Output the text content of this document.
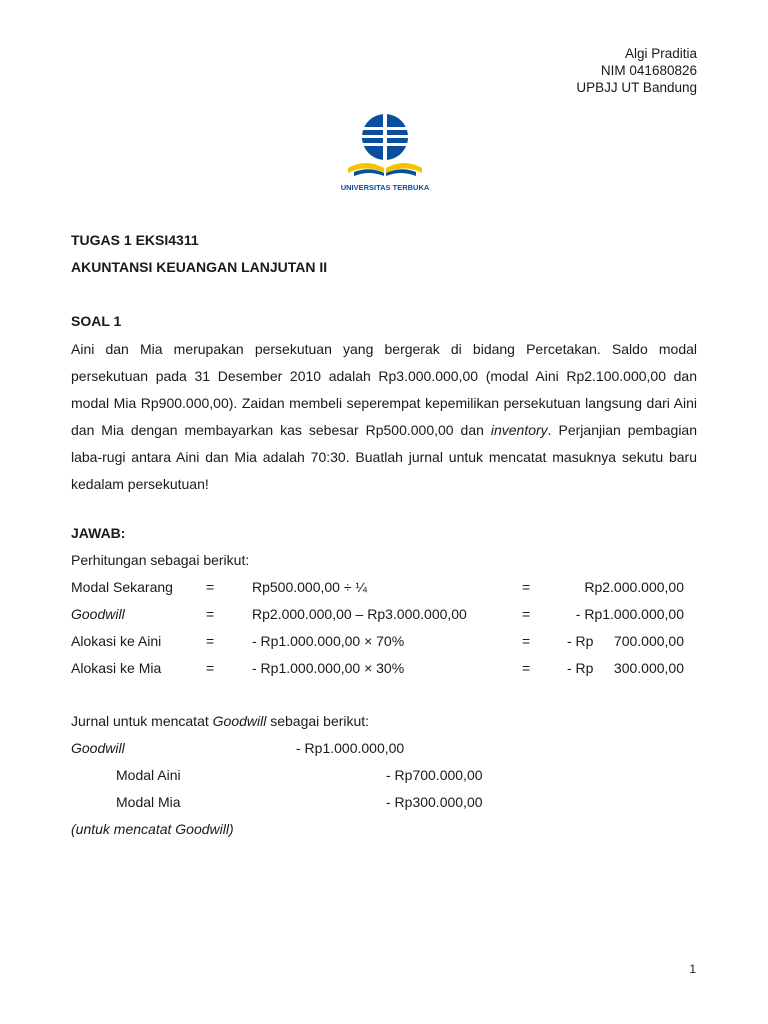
Algi Praditia
NIM 041680826
UPBJJ UT Bandung
UNIVERSITAS TERBUKA
TUGAS 1 EKSI4311
AKUNTANSI KEUANGAN LANJUTAN II
SOAL 1
Aini dan Mia merupakan persekutuan yang bergerak di bidang Percetakan. Saldo modal persekutuan pada 31 Desember 2010 adalah Rp3.000.000,00 (modal Aini Rp2.100.000,00 dan modal Mia Rp900.000,00). Zaidan membeli seperempat kepemilikan persekutuan langsung dari Aini dan Mia dengan membayarkan kas sebesar Rp500.000,00 dan inventory. Perjanjian pembagian laba-rugi antara Aini dan Mia adalah 70:30. Buatlah jurnal untuk mencatat masuknya sekutu baru kedalam persekutuan!
JAWAB:
Perhitungan sebagai berikut:
Modal Sekarang =	Rp500.000,00 ÷ ¼	=	Rp2.000.000,00
Goodwill	=	Rp2.000.000,00 – Rp3.000.000,00	=	- Rp1.000.000,00
Alokasi ke Aini	=	- Rp1.000.000,00 × 70%	=	- Rp 700.000,00
Alokasi ke Mia	=	- Rp1.000.000,00 × 30%	=	- Rp 300.000,00
Jurnal untuk mencatat Goodwill sebagai berikut:
Goodwill	- Rp1.000.000,00
Modal Aini	- Rp700.000,00
Modal Mia	- Rp300.000,00
(untuk mencatat Goodwill)
1
